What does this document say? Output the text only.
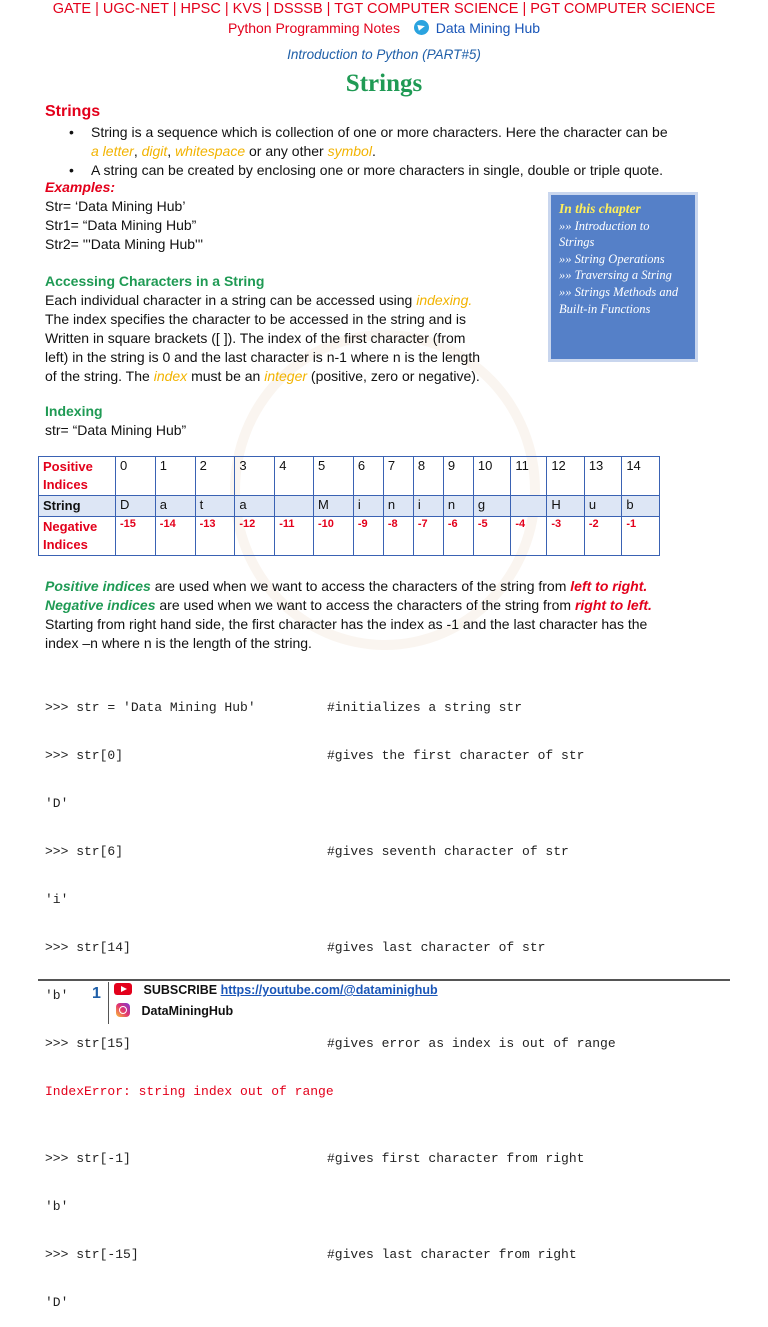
GATE | UGC-NET | HPSC | KVS | DSSSB | TGT COMPUTER SCIENCE | PGT COMPUTER SCIENCE
Python Programming Notes	Data Mining Hub
Introduction to Python (PART#5)
Strings
Strings
• String is a sequence which is collection of one or more characters. Here the character can be
a letter, digit, whitespace or any other symbol.
• A string can be created by enclosing one or more characters in single, double or triple quote.
Examples:
Str= ‘Data Mining Hub’
Str1= “Data Mining Hub”
Str2= '''Data Mining Hub'''
In this chapter
»» Introduction to Strings
»» String Operations
»» Traversing a String
»» Strings Methods and Built-in Functions
Accessing Characters in a String
Each individual character in a string can be accessed using indexing.
The index specifies the character to be accessed in the string and is
Written in square brackets ([ ]). The index of the first character (from
left) in the string is 0 and the last character is n-1 where n is the length
of the string. The index must be an integer (positive, zero or negative).
Indexing
str= “Data Mining Hub”
Positive Indices	0	1	2	3	4	5	6	7	8	9	10	11	12	13	14
String	D	a	t	a		M	i	n	i	n	g		H	u	b
Negative Indices	-15	-14	-13	-12	-11	-10	-9	-8	-7	-6	-5	-4	-3	-2	-1
Positive indices are used when we want to access the characters of the string from left to right.
Negative indices are used when we want to access the characters of the string from right to left.
Starting from right hand side, the first character has the index as -1 and the last character has the
index –n where n is the length of the string.

>>> str = 'Data Mining Hub'	#initializes a string str

>>> str[0]	#gives the first character of str

'D'

>>> str[6]	#gives seventh character of str

'i'

>>> str[14]	#gives last character of str

'b'

>>> str[15]	#gives error as index is out of range

IndexError: string index out of range

>>> str[-1]	#gives first character from right

'b'

>>> str[-15]	#gives last character from right

'D'

1	SUBSCRIBE https://youtube.com/@dataminighub
DataMiningHub
